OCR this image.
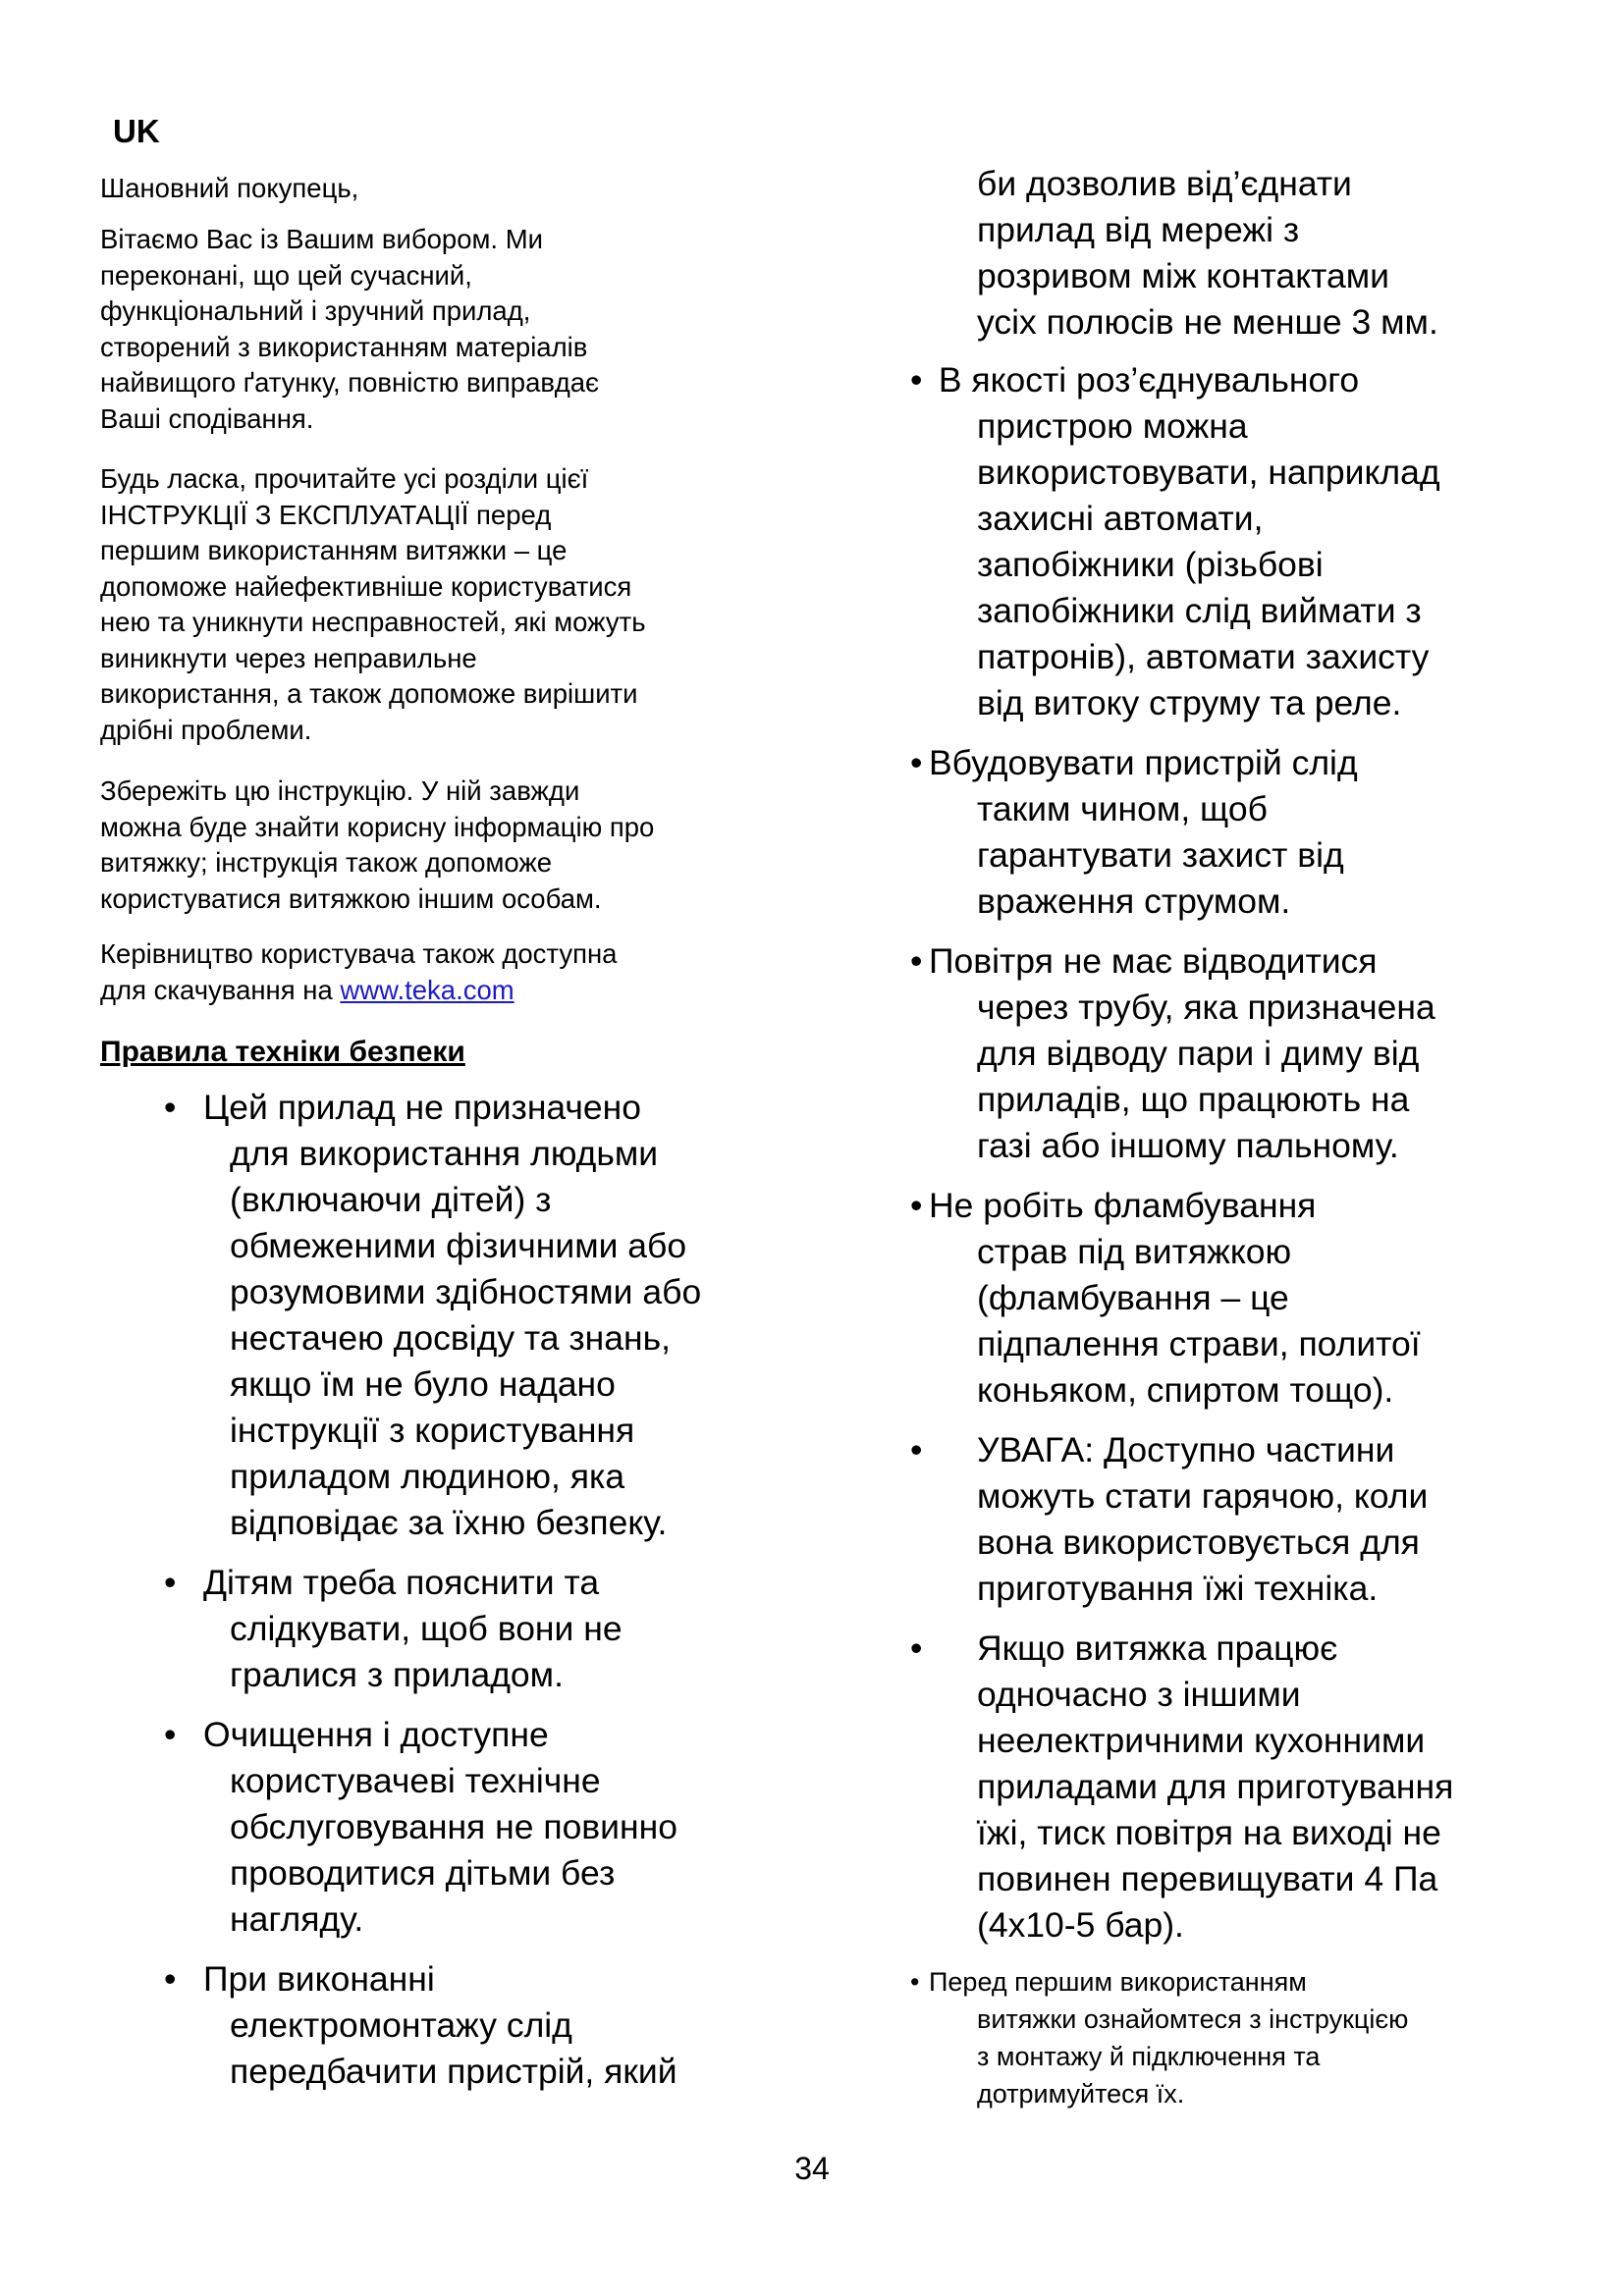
UK

Шановний покупець,

Вітаємо Вас із Вашим вибором. Ми
переконані, що цей сучасний,
функціональний і зручний прилад,
створений з використанням матеріалів
найвищого ґатунку, повністю виправдає
Ваші сподівання.

Будь ласка, прочитайте усі розділи цієї
ІНСТРУКЦІЇ З ЕКСПЛУАТАЦІЇ перед
першим використанням витяжки – це
допоможе найефективніше користуватися
нею та уникнути несправностей, які можуть
виникнути через неправильне
використання, а також допоможе вирішити
дрібні проблеми.

Збережіть цю інструкцію. У ній завжди
можна буде знайти корисну інформацію про
витяжку; інструкція також допоможе
користуватися витяжкою іншим особам.

Керівництво користувача також доступна
для скачування на www.teka.com

Правила техніки безпеки

• Цей прилад не призначено
для використання людьми
(включаючи дітей) з
обмеженими фізичними або
розумовими здібностями або
нестачею досвіду та знань,
якщо їм не було надано
інструкції з користування
приладом людиною, яка
відповідає за їхню безпеку.
• Дітям треба пояснити та
слідкувати, щоб вони не
гралися з приладом.
• Очищення і доступне
користувачеві технічне
обслуговування не повинно
проводитися дітьми без
нагляду.
• При виконанні
електромонтажу слід
передбачити пристрій, який

би дозволив від’єднати
прилад від мережі з
розривом між контактами
усіх полюсів не менше 3 мм.

• В якості роз’єднувального
пристрою можна
використовувати, наприклад
захисні автомати,
запобіжники (різьбові
запобіжники слід виймати з
патронів), автомати захисту
від витоку струму та реле.
• Вбудовувати пристрій слід
таким чином, щоб
гарантувати захист від
враження струмом.
• Повітря не має відводитися
через трубу, яка призначена
для відводу пари і диму від
приладів, що працюють на
газі або іншому пальному.
• Не робіть фламбування
страв під витяжкою
(фламбування – це
підпалення страви, политої
коньяком, спиртом тощо).
•	УВАГА: Доступно частини
можуть стати гарячою, коли
вона використовується для
приготування їжі техніка.
•	Якщо витяжка працює
одночасно з іншими
неелектричними кухонними
приладами для приготування
їжі, тиск повітря на виході не
повинен перевищувати 4 Па
(4x10-5 бар).
• Перед першим використанням
витяжки ознайомтеся з інструкцією
з монтажу й підключення та
дотримуйтеся їх.
34
